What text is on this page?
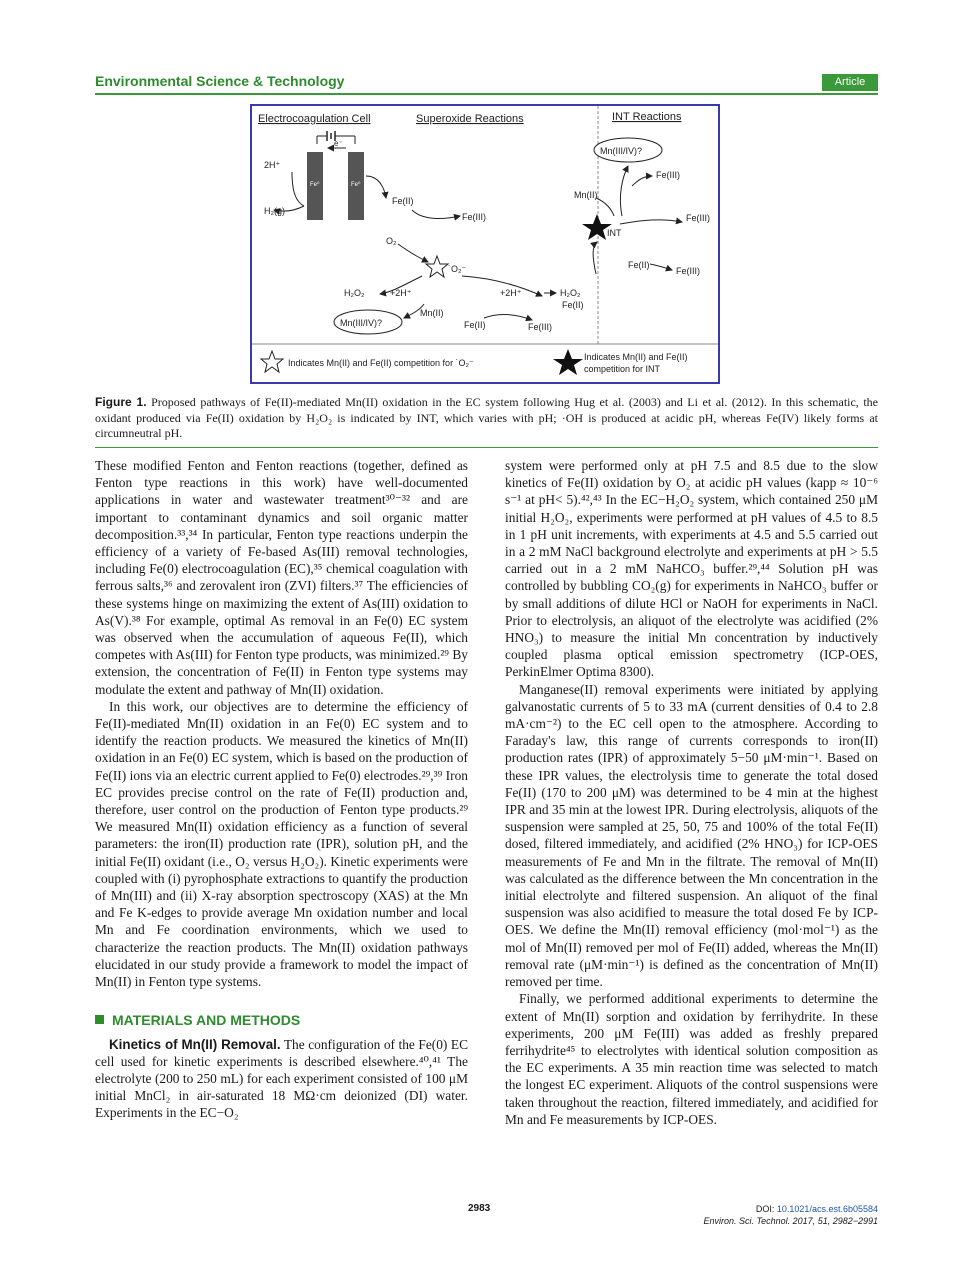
Environmental Science & Technology	Article
Electrocoagulation Cell	Superoxide Reactions	INT Reactions
e⁻
Fe⁰	Fe⁰
2H⁺
H₂(g)
Fe(II)
Fe(III)
O₂
˙O₂⁻
H₂O₂	+2H⁺	+2H⁺	H₂O₂
Mn(III/IV)?
Mn(II)
Fe(II)	Fe(III)
Fe(II)
Mn(III/IV)?
Fe(III)
Mn(II)
INT
Fe(III)
Fe(II)
Fe(III)
Indicates Mn(II) and Fe(II) competition for ˙O₂⁻
Indicates Mn(II) and Fe(II)
competition for INT
Figure 1. Proposed pathways of Fe(II)-mediated Mn(II) oxidation in the EC system following Hug et al. (2003) and Li et al. (2012). In this schematic, the oxidant produced via Fe(II) oxidation by H₂O₂ is indicated by INT, which varies with pH; ·OH is produced at acidic pH, whereas Fe(IV) likely forms at circumneutral pH.

These modified Fenton and Fenton reactions (together, defined as Fenton type reactions in this work) have well-documented applications in water and wastewater treatment³⁰⁻³² and are important to contaminant dynamics and soil organic matter decomposition.³³,³⁴ In particular, Fenton type reactions underpin the efficiency of a variety of Fe-based As(III) removal technologies, including Fe(0) electrocoagulation (EC),³⁵ chemical coagulation with ferrous salts,³⁶ and zerovalent iron (ZVI) filters.³⁷ The efficiencies of these systems hinge on maximizing the extent of As(III) oxidation to As(V).³⁸ For example, optimal As removal in an Fe(0) EC system was observed when the accumulation of aqueous Fe(II), which competes with As(III) for Fenton type products, was minimized.²⁹ By extension, the concentration of Fe(II) in Fenton type systems may modulate the extent and pathway of Mn(II) oxidation.

In this work, our objectives are to determine the efficiency of Fe(II)-mediated Mn(II) oxidation in an Fe(0) EC system and to identify the reaction products. We measured the kinetics of Mn(II) oxidation in an Fe(0) EC system, which is based on the production of Fe(II) ions via an electric current applied to Fe(0) electrodes.²⁹,³⁹ Iron EC provides precise control on the rate of Fe(II) production and, therefore, user control on the production of Fenton type products.²⁹ We measured Mn(II) oxidation efficiency as a function of several parameters: the iron(II) production rate (IPR), solution pH, and the initial Fe(II) oxidant (i.e., O₂ versus H₂O₂). Kinetic experiments were coupled with (i) pyrophosphate extractions to quantify the production of Mn(III) and (ii) X-ray absorption spectroscopy (XAS) at the Mn and Fe K-edges to provide average Mn oxidation number and local Mn and Fe coordination environments, which we used to characterize the reaction products. The Mn(II) oxidation pathways elucidated in our study provide a framework to model the impact of Mn(II) in Fenton type systems.

MATERIALS AND METHODS

Kinetics of Mn(II) Removal. The configuration of the Fe(0) EC cell used for kinetic experiments is described elsewhere.⁴⁰,⁴¹ The electrolyte (200 to 250 mL) for each experiment consisted of 100 μM initial MnCl₂ in air-saturated 18 MΩ·cm deionized (DI) water. Experiments in the EC−O₂

system were performed only at pH 7.5 and 8.5 due to the slow kinetics of Fe(II) oxidation by O₂ at acidic pH values (kapp ≈ 10⁻⁶ s⁻¹ at pH< 5).⁴²,⁴³ In the EC−H₂O₂ system, which contained 250 μM initial H₂O₂, experiments were performed at pH values of 4.5 to 8.5 in 1 pH unit increments, with experiments at 4.5 and 5.5 carried out in a 2 mM NaCl background electrolyte and experiments at pH > 5.5 carried out in a 2 mM NaHCO₃ buffer.²⁹,⁴⁴ Solution pH was controlled by bubbling CO₂(g) for experiments in NaHCO₃ buffer or by small additions of dilute HCl or NaOH for experiments in NaCl. Prior to electrolysis, an aliquot of the electrolyte was acidified (2% HNO₃) to measure the initial Mn concentration by inductively coupled plasma optical emission spectrometry (ICP-OES, PerkinElmer Optima 8300).

Manganese(II) removal experiments were initiated by applying galvanostatic currents of 5 to 33 mA (current densities of 0.4 to 2.8 mA·cm⁻²) to the EC cell open to the atmosphere. According to Faraday's law, this range of currents corresponds to iron(II) production rates (IPR) of approximately 5−50 μM·min⁻¹. Based on these IPR values, the electrolysis time to generate the total dosed Fe(II) (170 to 200 μM) was determined to be 4 min at the highest IPR and 35 min at the lowest IPR. During electrolysis, aliquots of the suspension were sampled at 25, 50, 75 and 100% of the total Fe(II) dosed, filtered immediately, and acidified (2% HNO₃) for ICP-OES measurements of Fe and Mn in the filtrate. The removal of Mn(II) was calculated as the difference between the Mn concentration in the initial electrolyte and filtered suspension. An aliquot of the final suspension was also acidified to measure the total dosed Fe by ICP-OES. We define the Mn(II) removal efficiency (mol·mol⁻¹) as the mol of Mn(II) removed per mol of Fe(II) added, whereas the Mn(II) removal rate (μM·min⁻¹) is defined as the concentration of Mn(II) removed per time.

Finally, we performed additional experiments to determine the extent of Mn(II) sorption and oxidation by ferrihydrite. In these experiments, 200 μM Fe(III) was added as freshly prepared ferrihydrite⁴⁵ to electrolytes with identical solution composition as the EC experiments. A 35 min reaction time was selected to match the longest EC experiment. Aliquots of the control suspensions were taken throughout the reaction, filtered immediately, and acidified for Mn and Fe measurements by ICP-OES.

2983	DOI: 10.1021/acs.est.6b05584
Environ. Sci. Technol. 2017, 51, 2982−2991
